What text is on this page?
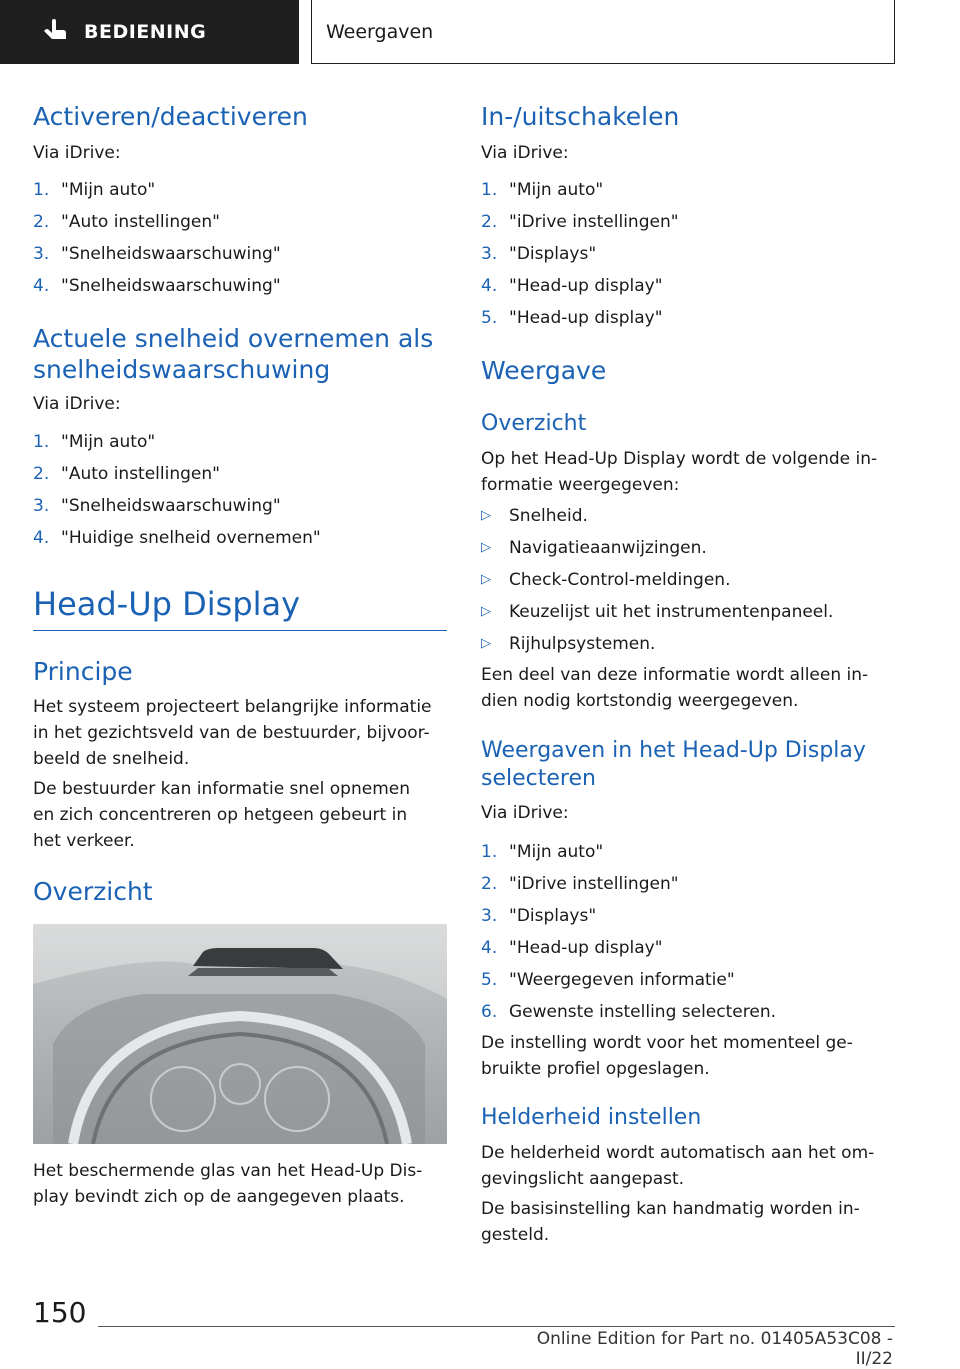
BEDIENING	Weergaven
Activeren/deactiveren
Via iDrive:
1. "Mijn auto"
2. "Auto instellingen"
3. "Snelheidswaarschuwing"
4. "Snelheidswaarschuwing"
Actuele snelheid overnemen als
snelheidswaarschuwing
Via iDrive:
1. "Mijn auto"
2. "Auto instellingen"
3. "Snelheidswaarschuwing"
4. "Huidige snelheid overnemen"
Head-Up Display
Principe
Het systeem projecteert belangrijke informatie
in het gezichtsveld van de bestuurder, bijvoor-
beeld de snelheid.
De bestuurder kan informatie snel opnemen
en zich concentreren op hetgeen gebeurt in
het verkeer.
Overzicht
Het beschermende glas van het Head-Up Dis-
play bevindt zich op de aangegeven plaats.
In-/uitschakelen
Via iDrive:
1. "Mijn auto"
2. "iDrive instellingen"
3. "Displays"
4. "Head-up display"
5. "Head-up display"
Weergave
Overzicht
Op het Head-Up Display wordt de volgende in-
formatie weergegeven:
▷	Snelheid.
▷	Navigatieaanwijzingen.
▷	Check-Control-meldingen.
▷	Keuzelijst uit het instrumentenpaneel.
▷	Rijhulpsystemen.
Een deel van deze informatie wordt alleen in-
dien nodig kortstondig weergegeven.
Weergaven in het Head-Up Display
selecteren
Via iDrive:
1. "Mijn auto"
2. "iDrive instellingen"
3. "Displays"
4. "Head-up display"
5. "Weergegeven informatie"
6. Gewenste instelling selecteren.
De instelling wordt voor het momenteel ge-
bruikte profiel opgeslagen.
Helderheid instellen
De helderheid wordt automatisch aan het om-
gevingslicht aangepast.
De basisinstelling kan handmatig worden in-
gesteld.
150
Online Edition for Part no. 01405A53C08 - II/22
